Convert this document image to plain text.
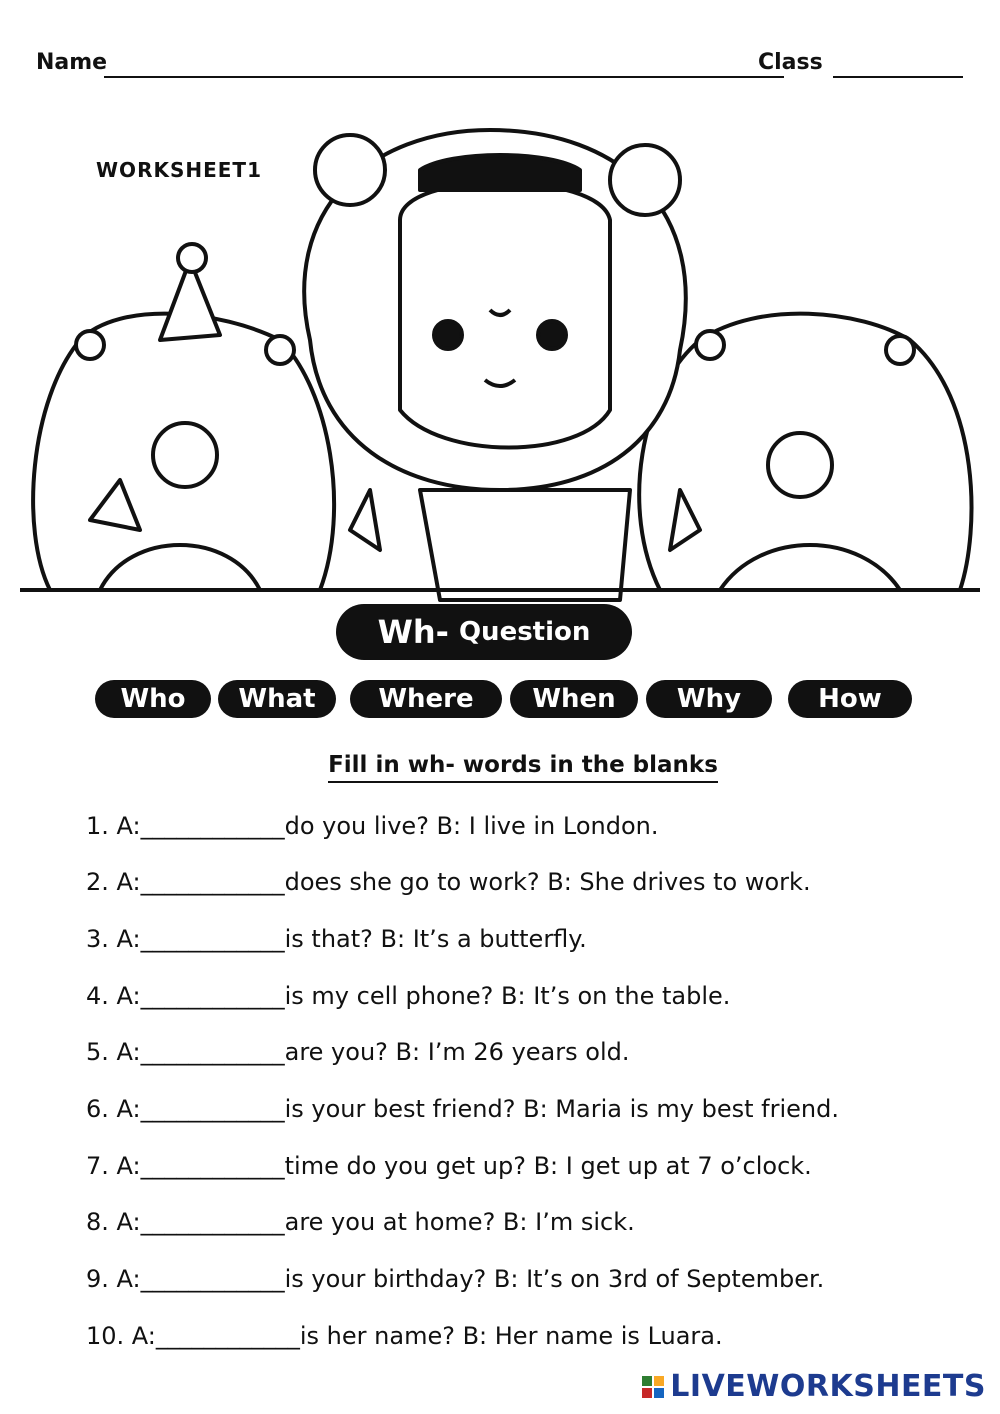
Name	Class
WORKSHEET1
Wh- Question
Who	What	Where	When	Why	How
Fill in wh- words in the blanks
1. A:____________do you live? B: I live in London.
2. A:____________does she go to work? B: She drives to work.
3. A:____________is that? B: It’s a butterfly.
4. A:____________is my cell phone? B: It’s on the table.
5. A:____________are you? B: I’m 26 years old.
6. A:____________is your best friend? B: Maria is my best friend.
7. A:____________time do you get up? B: I get up at 7 o’clock.
8. A:____________are you at home? B: I’m sick.
9. A:____________is your birthday? B: It’s on 3rd of September.
10. A:____________is her name? B: Her name is Luara.
LIVEWORKSHEETS
